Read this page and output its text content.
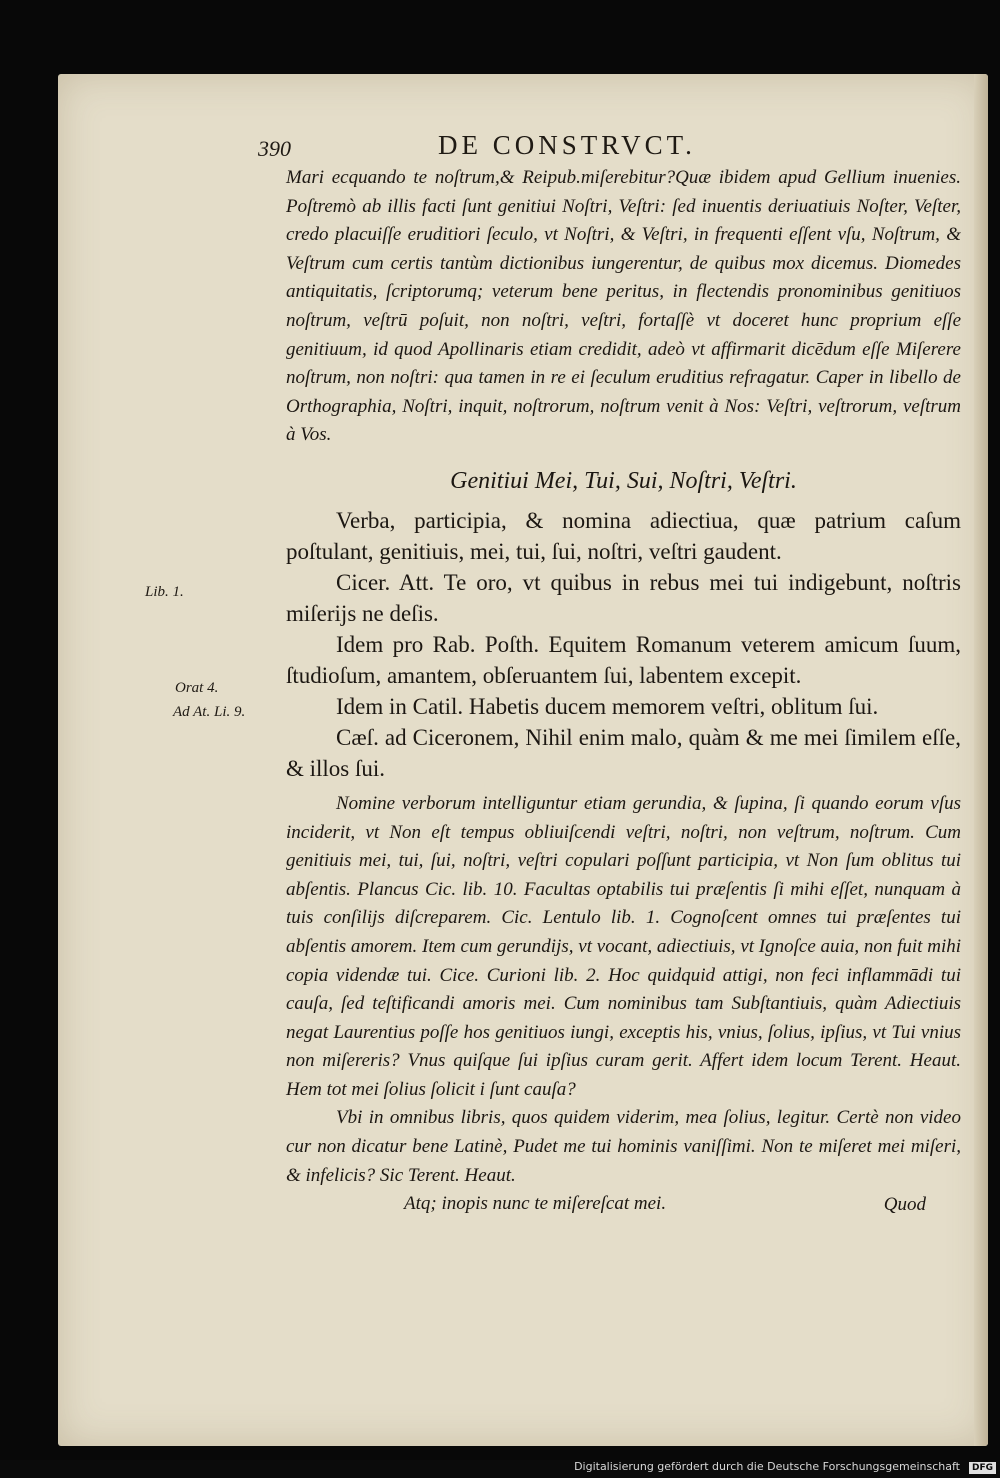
390	DE CONSTRVCT.
Lib. 1.
Orat 4.
Ad At. Li. 9.

Mari ecquando te noſtrum,& Reipub.miſerebitur?Quæ ibidem apud Gellium inuenies. Poſtremò ab illis facti ſunt genitiui Noſtri, Veſtri: ſed inuentis deriuatiuis Noſter, Veſter, credo placuiſſe eruditiori ſeculo, vt Noſtri, & Veſtri, in frequenti eſſent vſu, Noſtrum, & Veſtrum cum certis tantùm dictionibus iungerentur, de quibus mox dicemus. Diomedes antiquitatis, ſcriptorumq; veterum bene peritus, in flectendis pronominibus genitiuos noſtrum, veſtrū poſuit, non noſtri, veſtri, fortaſſè vt doceret hunc proprium eſſe genitiuum, id quod Apollinaris etiam credidit, adeò vt affirmarit dicēdum eſſe Miſerere noſtrum, non noſtri: qua tamen in re ei ſeculum eruditius refragatur. Caper in libello de Orthographia, Noſtri, inquit, noſtrorum, noſtrum venit à Nos: Veſtri, veſtrorum, veſtrum à Vos.

Genitiui Mei, Tui, Sui, Noſtri, Veſtri.

Verba, participia, & nomina adiectiua, quæ patrium caſum poſtulant, genitiuis, mei, tui, ſui, noſtri, veſtri gaudent.

Cicer. Att. Te oro, vt quibus in rebus mei tui indigebunt, noſtris miſerijs ne deſis.

Idem pro Rab. Poſth. Equitem Romanum veterem amicum ſuum, ſtudioſum, amantem, obſeruantem ſui, labentem excepit.

Idem in Catil. Habetis ducem memorem veſtri, oblitum ſui.

Cæſ. ad Ciceronem, Nihil enim malo, quàm & me mei ſimilem eſſe, & illos ſui.

Nomine verborum intelliguntur etiam gerundia, & ſupina, ſi quando eorum vſus inciderit, vt Non eſt tempus obliuiſcendi veſtri, noſtri, non veſtrum, noſtrum. Cum genitiuis mei, tui, ſui, noſtri, veſtri copulari poſſunt participia, vt Non ſum oblitus tui abſentis. Plancus Cic. lib. 10. Facultas optabilis tui præſentis ſi mihi eſſet, nunquam à tuis conſilijs diſcreparem. Cic. Lentulo lib. 1. Cognoſcent omnes tui præſentes tui abſentis amorem. Item cum gerundijs, vt vocant, adiectiuis, vt Ignoſce auia, non fuit mihi copia videndæ tui. Cice. Curioni lib. 2. Hoc quidquid attigi, non feci inflammādi tui cauſa, ſed teſtificandi amoris mei. Cum nominibus tam Subſtantiuis, quàm Adiectiuis negat Laurentius poſſe hos genitiuos iungi, exceptis his, vnius, ſolius, ipſius, vt Tui vnius non miſereris? Vnus quiſque ſui ipſius curam gerit. Affert idem locum Terent. Heaut. Hem tot mei ſolius ſolicit i ſunt cauſa?

Vbi in omnibus libris, quos quidem viderim, mea ſolius, legitur. Certè non video cur non dicatur bene Latinè, Pudet me tui hominis vaniſſimi. Non te miſeret mei miſeri, & infelicis? Sic Terent. Heaut.

Atq; inopis nunc te miſereſcat mei.	Quod
Digitalisierung gefördert durch die Deutsche Forschungsgemeinschaft	DFG
